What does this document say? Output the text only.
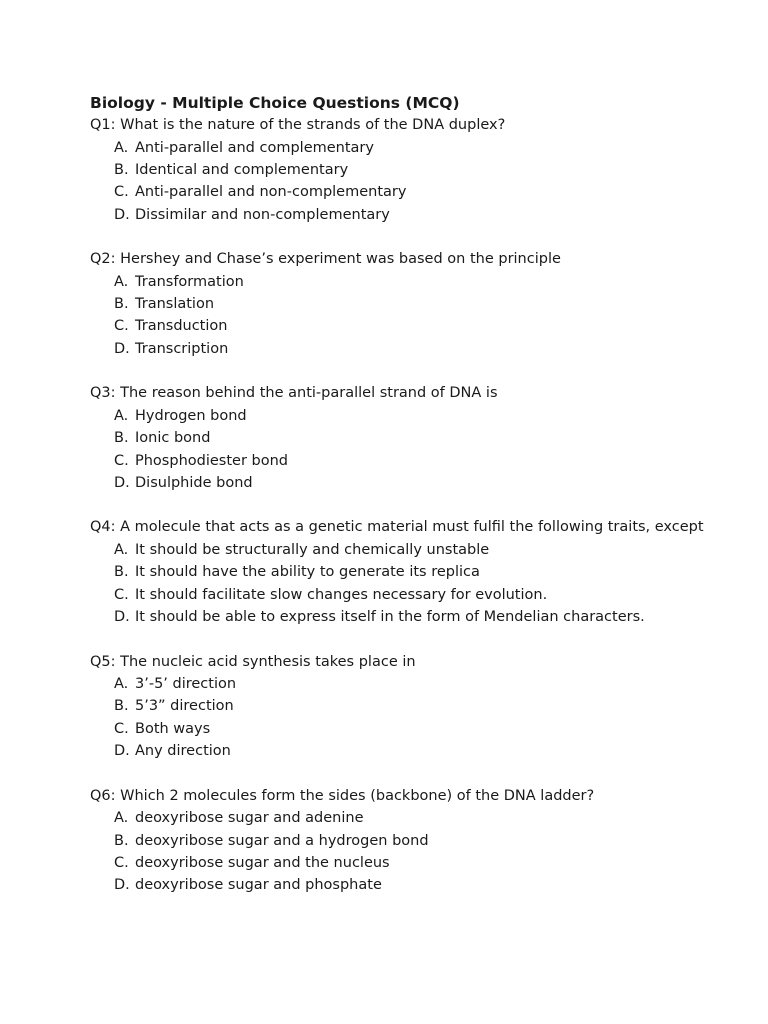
Biology - Multiple Choice Questions (MCQ)

Q1: What is the nature of the strands of the DNA duplex?

A. Anti-parallel and complementary
B. Identical and complementary
C. Anti-parallel and non-complementary
D. Dissimilar and non-complementary

Q2: Hershey and Chase’s experiment was based on the principle

A. Transformation
B. Translation
C. Transduction
D. Transcription

Q3: The reason behind the anti-parallel strand of DNA is

A. Hydrogen bond
B. Ionic bond
C. Phosphodiester bond
D. Disulphide bond

Q4: A molecule that acts as a genetic material must fulfil the following traits, except

A. It should be structurally and chemically unstable
B. It should have the ability to generate its replica
C. It should facilitate slow changes necessary for evolution.
D. It should be able to express itself in the form of Mendelian characters.

Q5: The nucleic acid synthesis takes place in

A. 3’-5’ direction
B. 5’3” direction
C. Both ways
D. Any direction

Q6: Which 2 molecules form the sides (backbone) of the DNA ladder?

A. deoxyribose sugar and adenine
B. deoxyribose sugar and a hydrogen bond
C. deoxyribose sugar and the nucleus
D. deoxyribose sugar and phosphate
